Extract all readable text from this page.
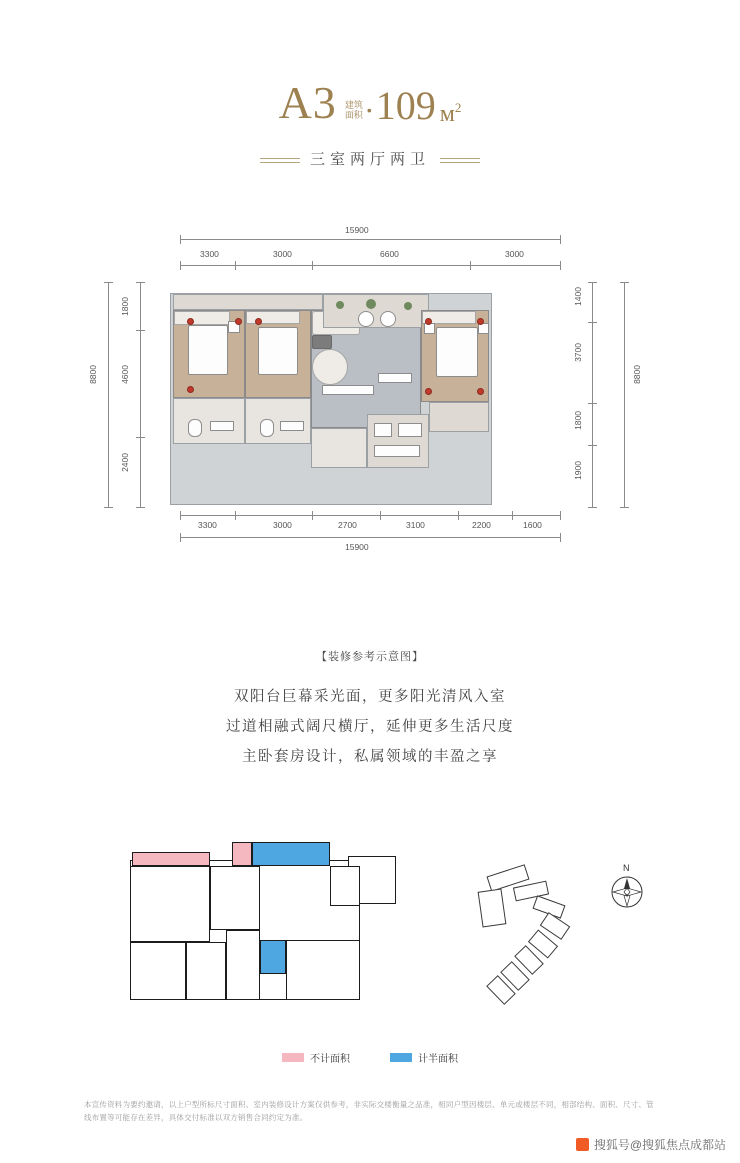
A3 建筑
面积 • 109 $м^2$
三室两厅两卫
15900
3300	3000	6600	3000
8800
1800
4600
2400
1400
3700
1800
1900
8800
3300	3000	2700	3100	2200	1600
15900
【装修参考示意图】
双阳台巨幕采光面，更多阳光清风入室
过道相融式阔尺横厅，延伸更多生活尺度
主卧套房设计，私属领域的丰盈之享
N
不计面积	计半面积
本宣传资料为要约邀请，以上户型所标尺寸面积、室内装修设计方案仅供参考，非实际交楼衡量之品准，相同户型因楼层、单元或楼层不同，相部结构、面积、尺寸、管线布置等可能存在差异，具体交付标准以双方销售合同约定为准。
搜狐号@搜狐焦点成都站
